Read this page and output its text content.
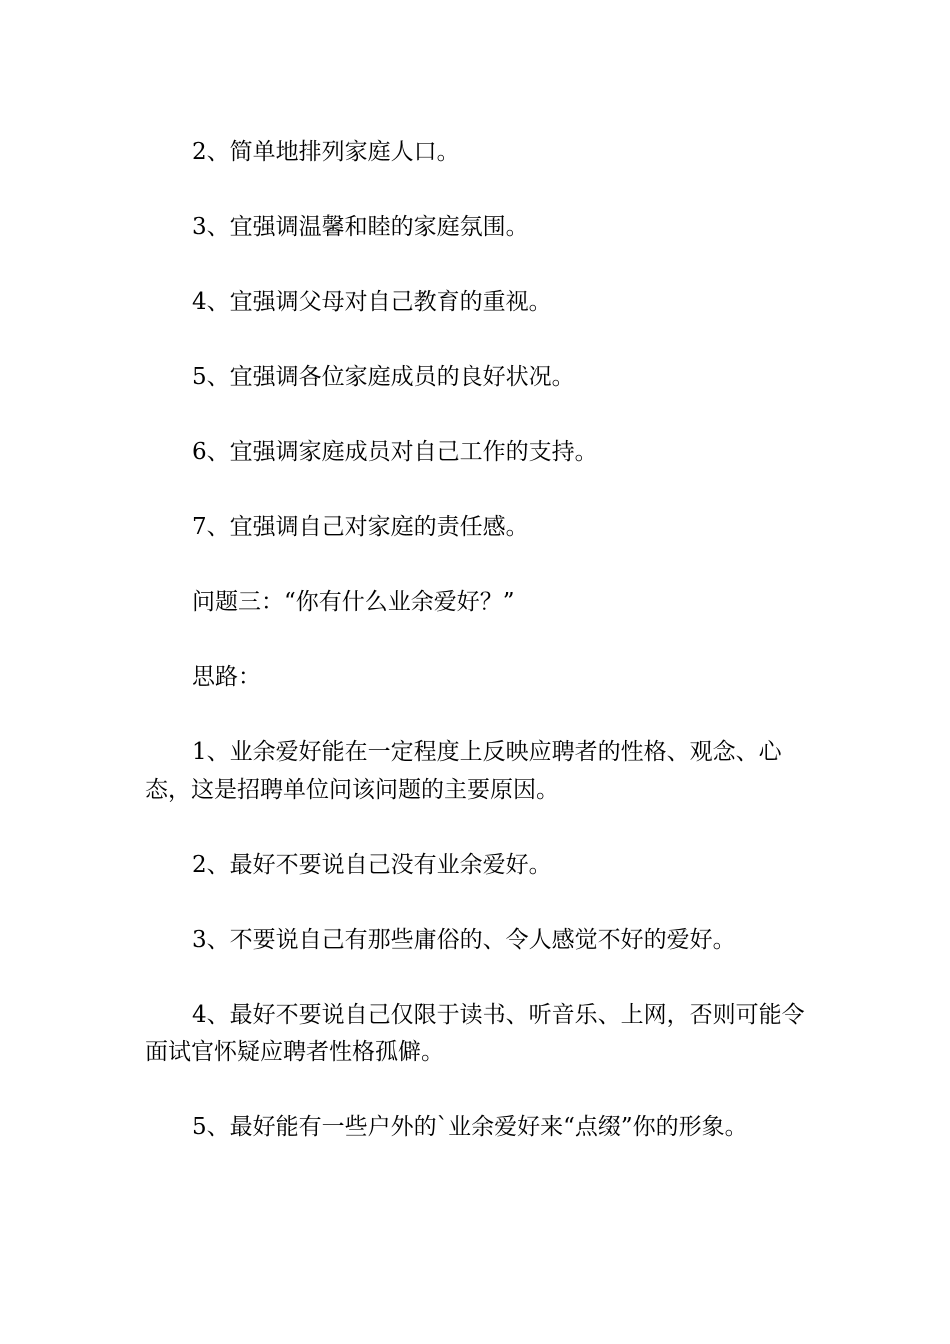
2、简单地排列家庭人口。

3、宜强调温馨和睦的家庭氛围。

4、宜强调父母对自己教育的重视。

5、宜强调各位家庭成员的良好状况。

6、宜强调家庭成员对自己工作的支持。

7、宜强调自己对家庭的责任感。

问题三：“你有什么业余爱好？”

思路：

1、业余爱好能在一定程度上反映应聘者的性格、观念、心态，这是招聘单位问该问题的主要原因。

2、最好不要说自己没有业余爱好。

3、不要说自己有那些庸俗的、令人感觉不好的爱好。

4、最好不要说自己仅限于读书、听音乐、上网，否则可能令面试官怀疑应聘者性格孤僻。

5、最好能有一些户外的`业余爱好来“点缀”你的形象。
